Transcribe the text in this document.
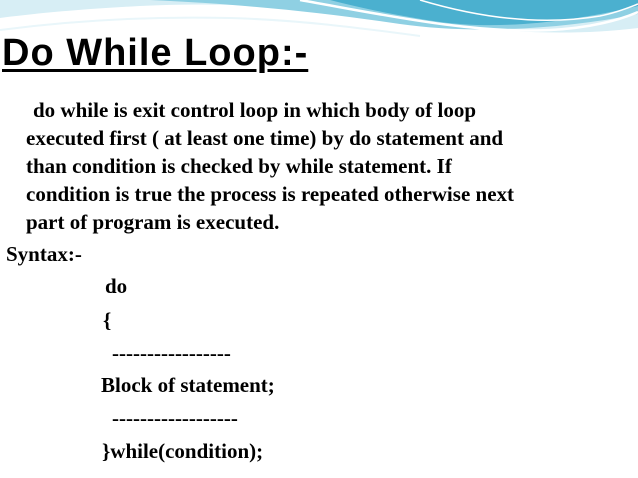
Do While Loop:-

do while is exit control loop in which body of loop
executed first ( at least one time) by do statement and
than condition is checked by while statement. If
condition is true the process is repeated otherwise next
part of program is executed.

Syntax:-
do
{
-----------------
Block of statement;
------------------
}while(condition);
